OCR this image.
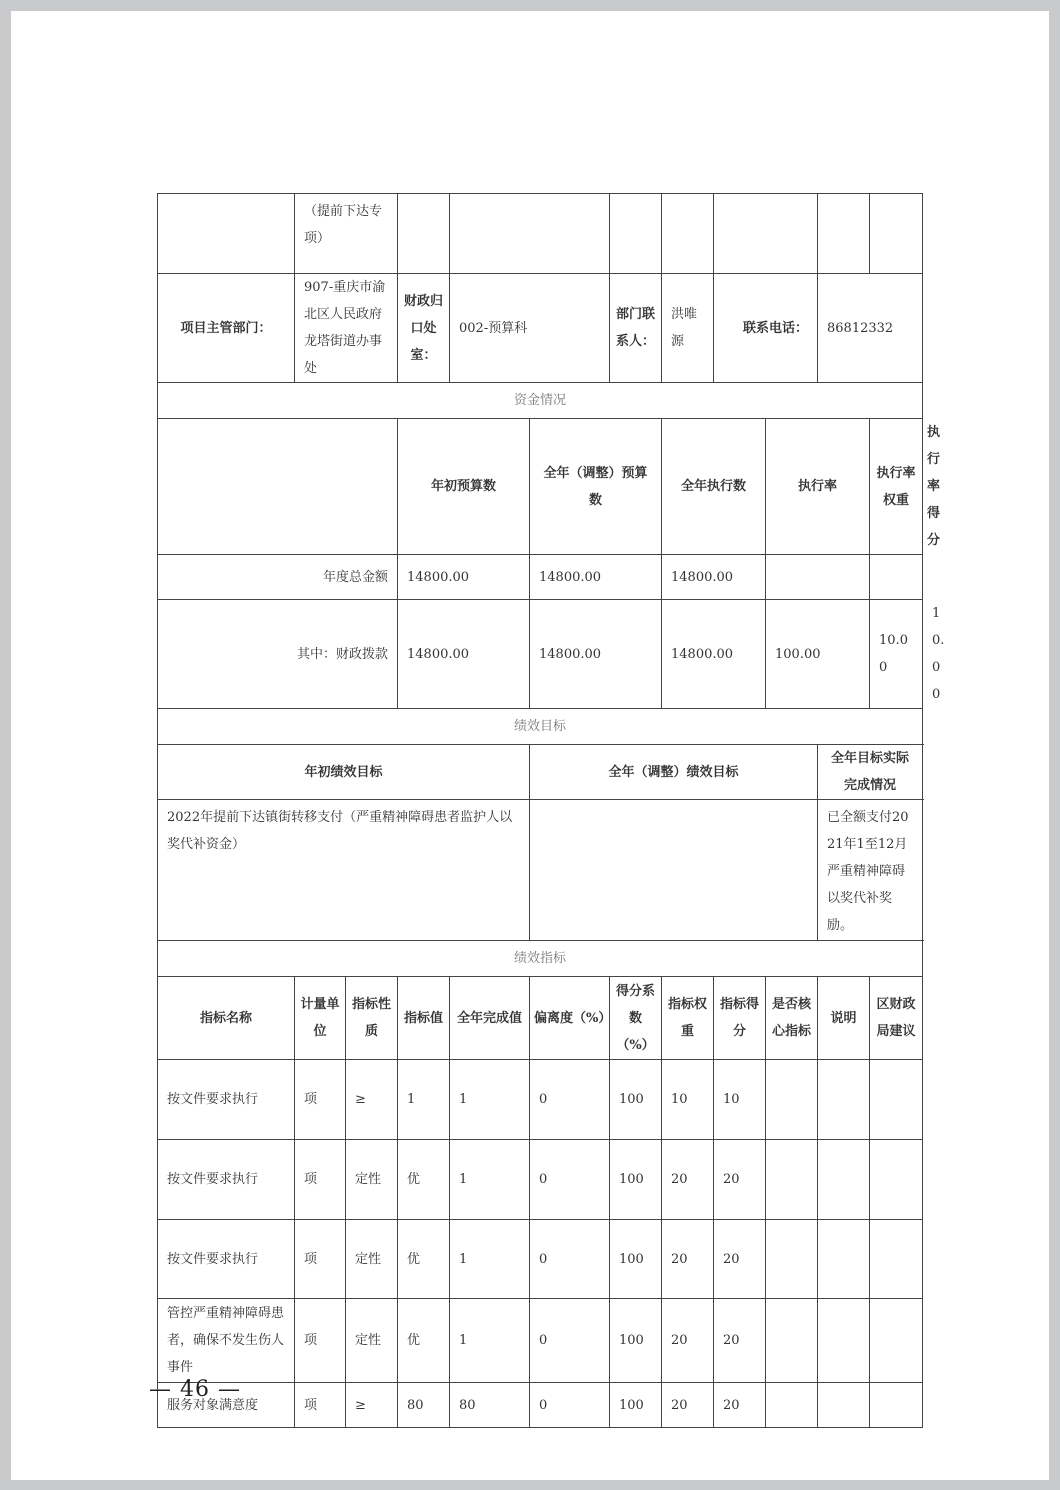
	（提前下达专项）											
项目主管部门：	907-重庆市渝北区人民政府龙塔街道办事处		财政归口处室：	002-预算科		部门联系人：	洪唯源	联系电话：		86812332		
资金情况												
			年初预算数		全年（调整）预算数		全年执行数		执行率		执行率权重	执行率得分
年度总金额			14800.00		14800.00		14800.00					
其中：财政拨款			14800.00		14800.00		14800.00		100.00		10.00	10.00
绩效目标												
年初绩效目标					全年（调整）绩效目标					全年目标实际完成情况		
2022年提前下达镇街转移支付（严重精神障碍患者监护人以奖代补资金）										已全额支付2021年1至12月严重精神障碍以奖代补奖励。		
绩效指标												
指标名称	计量单位	指标性质	指标值	全年完成值	偏离度（%）	得分系数（%）	指标权重	指标得分	是否核心指标	说明	区财政局建议	
按文件要求执行	项	≥	1	1	0	100	10	10				
按文件要求执行	项	定性	优	1	0	100	20	20				
按文件要求执行	项	定性	优	1	0	100	20	20				
管控严重精神障碍患者，确保不发生伤人事件	项	定性	优	1	0	100	20	20				
服务对象满意度	项	≥	80	80	0	100	20	20				
— 46 —
